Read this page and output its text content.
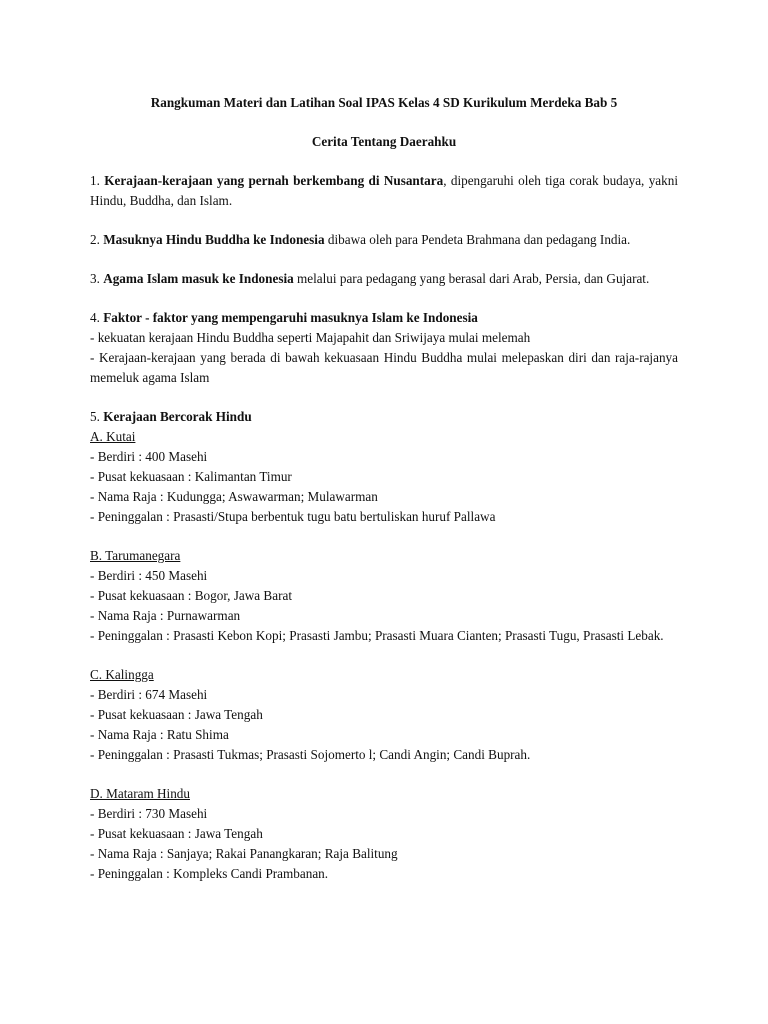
Rangkuman Materi dan Latihan Soal IPAS Kelas 4 SD Kurikulum Merdeka Bab 5

Cerita Tentang Daerahku

1. Kerajaan-kerajaan yang pernah berkembang di Nusantara, dipengaruhi oleh tiga corak budaya, yakni Hindu, Buddha, dan Islam.

2. Masuknya Hindu Buddha ke Indonesia dibawa oleh para Pendeta Brahmana dan pedagang India.

3. Agama Islam masuk ke Indonesia melalui para pedagang yang berasal dari Arab, Persia, dan Gujarat.

4. Faktor - faktor yang mempengaruhi masuknya Islam ke Indonesia

- kekuatan kerajaan Hindu Buddha seperti Majapahit dan Sriwijaya mulai melemah

- Kerajaan-kerajaan yang berada di bawah kekuasaan Hindu Buddha mulai melepaskan diri dan raja-rajanya memeluk agama Islam

5. Kerajaan Bercorak Hindu

A. Kutai

- Berdiri : 400 Masehi

- Pusat kekuasaan : Kalimantan Timur

- Nama Raja : Kudungga; Aswawarman; Mulawarman

- Peninggalan : Prasasti/Stupa berbentuk tugu batu bertuliskan huruf Pallawa

B. Tarumanegara

- Berdiri : 450 Masehi

- Pusat kekuasaan : Bogor, Jawa Barat

- Nama Raja : Purnawarman

- Peninggalan : Prasasti Kebon Kopi; Prasasti Jambu; Prasasti Muara Cianten; Prasasti Tugu, Prasasti Lebak.

C. Kalingga

- Berdiri : 674 Masehi

- Pusat kekuasaan : Jawa Tengah

- Nama Raja : Ratu Shima

- Peninggalan : Prasasti Tukmas; Prasasti Sojomerto l; Candi Angin; Candi Buprah.

D. Mataram Hindu

- Berdiri : 730 Masehi

- Pusat kekuasaan : Jawa Tengah

- Nama Raja : Sanjaya; Rakai Panangkaran; Raja Balitung

- Peninggalan : Kompleks Candi Prambanan.
